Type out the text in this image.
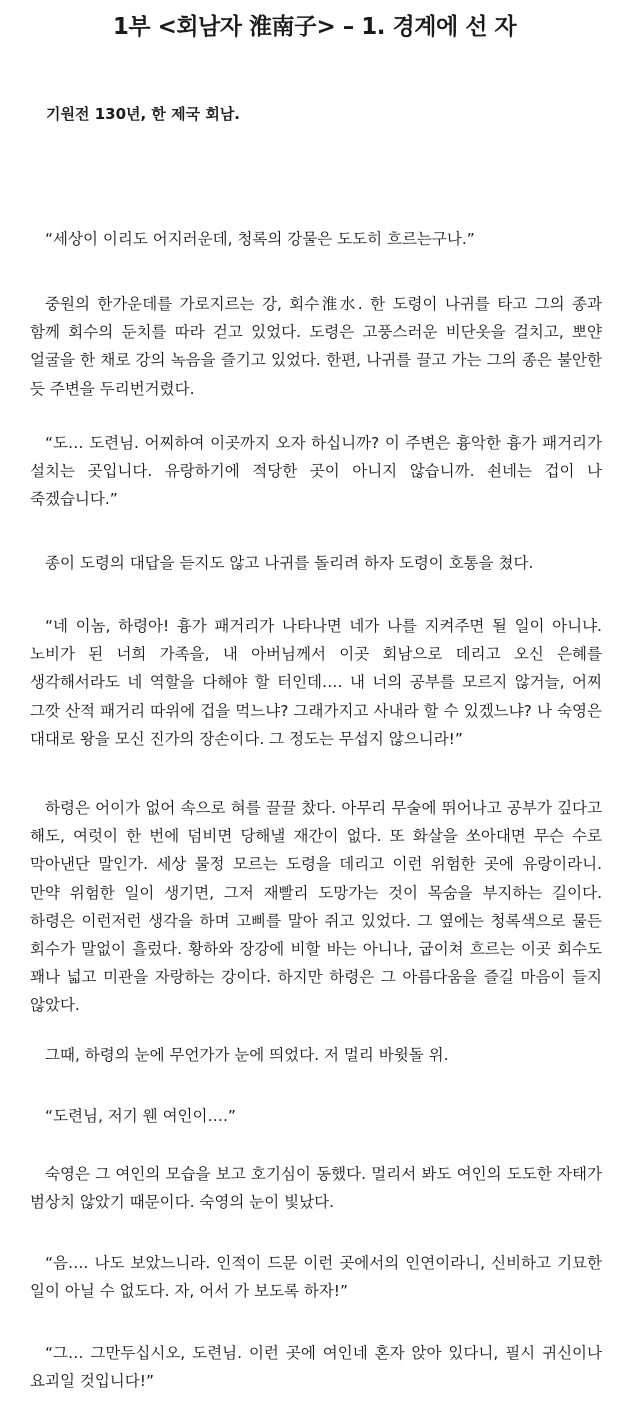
1부 <회남자 淮南子> – 1. 경계에 선 자
기원전 130년, 한 제국 회남.

“세상이 이리도 어지러운데, 청록의 강물은 도도히 흐르는구나.”

중원의 한가운데를 가로지르는 강, 회수淮水. 한 도령이 나귀를 타고 그의 종과 함께 회수의 둔치를 따라 걷고 있었다. 도령은 고풍스러운 비단옷을 걸치고, 뽀얀 얼굴을 한 채로 강의 녹음을 즐기고 있었다. 한편, 나귀를 끌고 가는 그의 종은 불안한 듯 주변을 두리번거렸다.

“도… 도련님. 어찌하여 이곳까지 오자 하십니까? 이 주변은 흉악한 흉가 패거리가 설치는 곳입니다. 유랑하기에 적당한 곳이 아니지 않습니까. 쇤네는 겁이 나 죽겠습니다.”

종이 도령의 대답을 듣지도 않고 나귀를 돌리려 하자 도령이 호통을 쳤다.

“네 이놈, 하령아! 흉가 패거리가 나타나면 네가 나를 지켜주면 될 일이 아니냐. 노비가 된 너희 가족을, 내 아버님께서 이곳 회남으로 데리고 오신 은혜를 생각해서라도 네 역할을 다해야 할 터인데…. 내 너의 공부를 모르지 않거늘, 어찌 그깟 산적 패거리 따위에 겁을 먹느냐? 그래가지고 사내라 할 수 있겠느냐? 나 숙영은 대대로 왕을 모신 진가의 장손이다. 그 정도는 무섭지 않으니라!”

하령은 어이가 없어 속으로 혀를 끌끌 찼다. 아무리 무술에 뛰어나고 공부가 깊다고 해도, 여럿이 한 번에 덤비면 당해낼 재간이 없다. 또 화살을 쏘아대면 무슨 수로 막아낸단 말인가. 세상 물정 모르는 도령을 데리고 이런 위험한 곳에 유랑이라니. 만약 위험한 일이 생기면, 그저 재빨리 도망가는 것이 목숨을 부지하는 길이다. 하령은 이런저런 생각을 하며 고삐를 말아 쥐고 있었다. 그 옆에는 청록색으로 물든 회수가 말없이 흘렀다. 황하와 장강에 비할 바는 아니나, 굽이쳐 흐르는 이곳 회수도 꽤나 넓고 미관을 자랑하는 강이다. 하지만 하령은 그 아름다움을 즐길 마음이 들지 않았다.

그때, 하령의 눈에 무언가가 눈에 띄었다. 저 멀리 바윗돌 위.

“도련님, 저기 웬 여인이….”

숙영은 그 여인의 모습을 보고 호기심이 동했다. 멀리서 봐도 여인의 도도한 자태가 범상치 않았기 때문이다. 숙영의 눈이 빛났다.

“음…. 나도 보았느니라. 인적이 드문 이런 곳에서의 인연이라니, 신비하고 기묘한 일이 아닐 수 없도다. 자, 어서 가 보도록 하자!”

“그… 그만두십시오, 도련님. 이런 곳에 여인네 혼자 앉아 있다니, 필시 귀신이나 요괴일 것입니다!”
